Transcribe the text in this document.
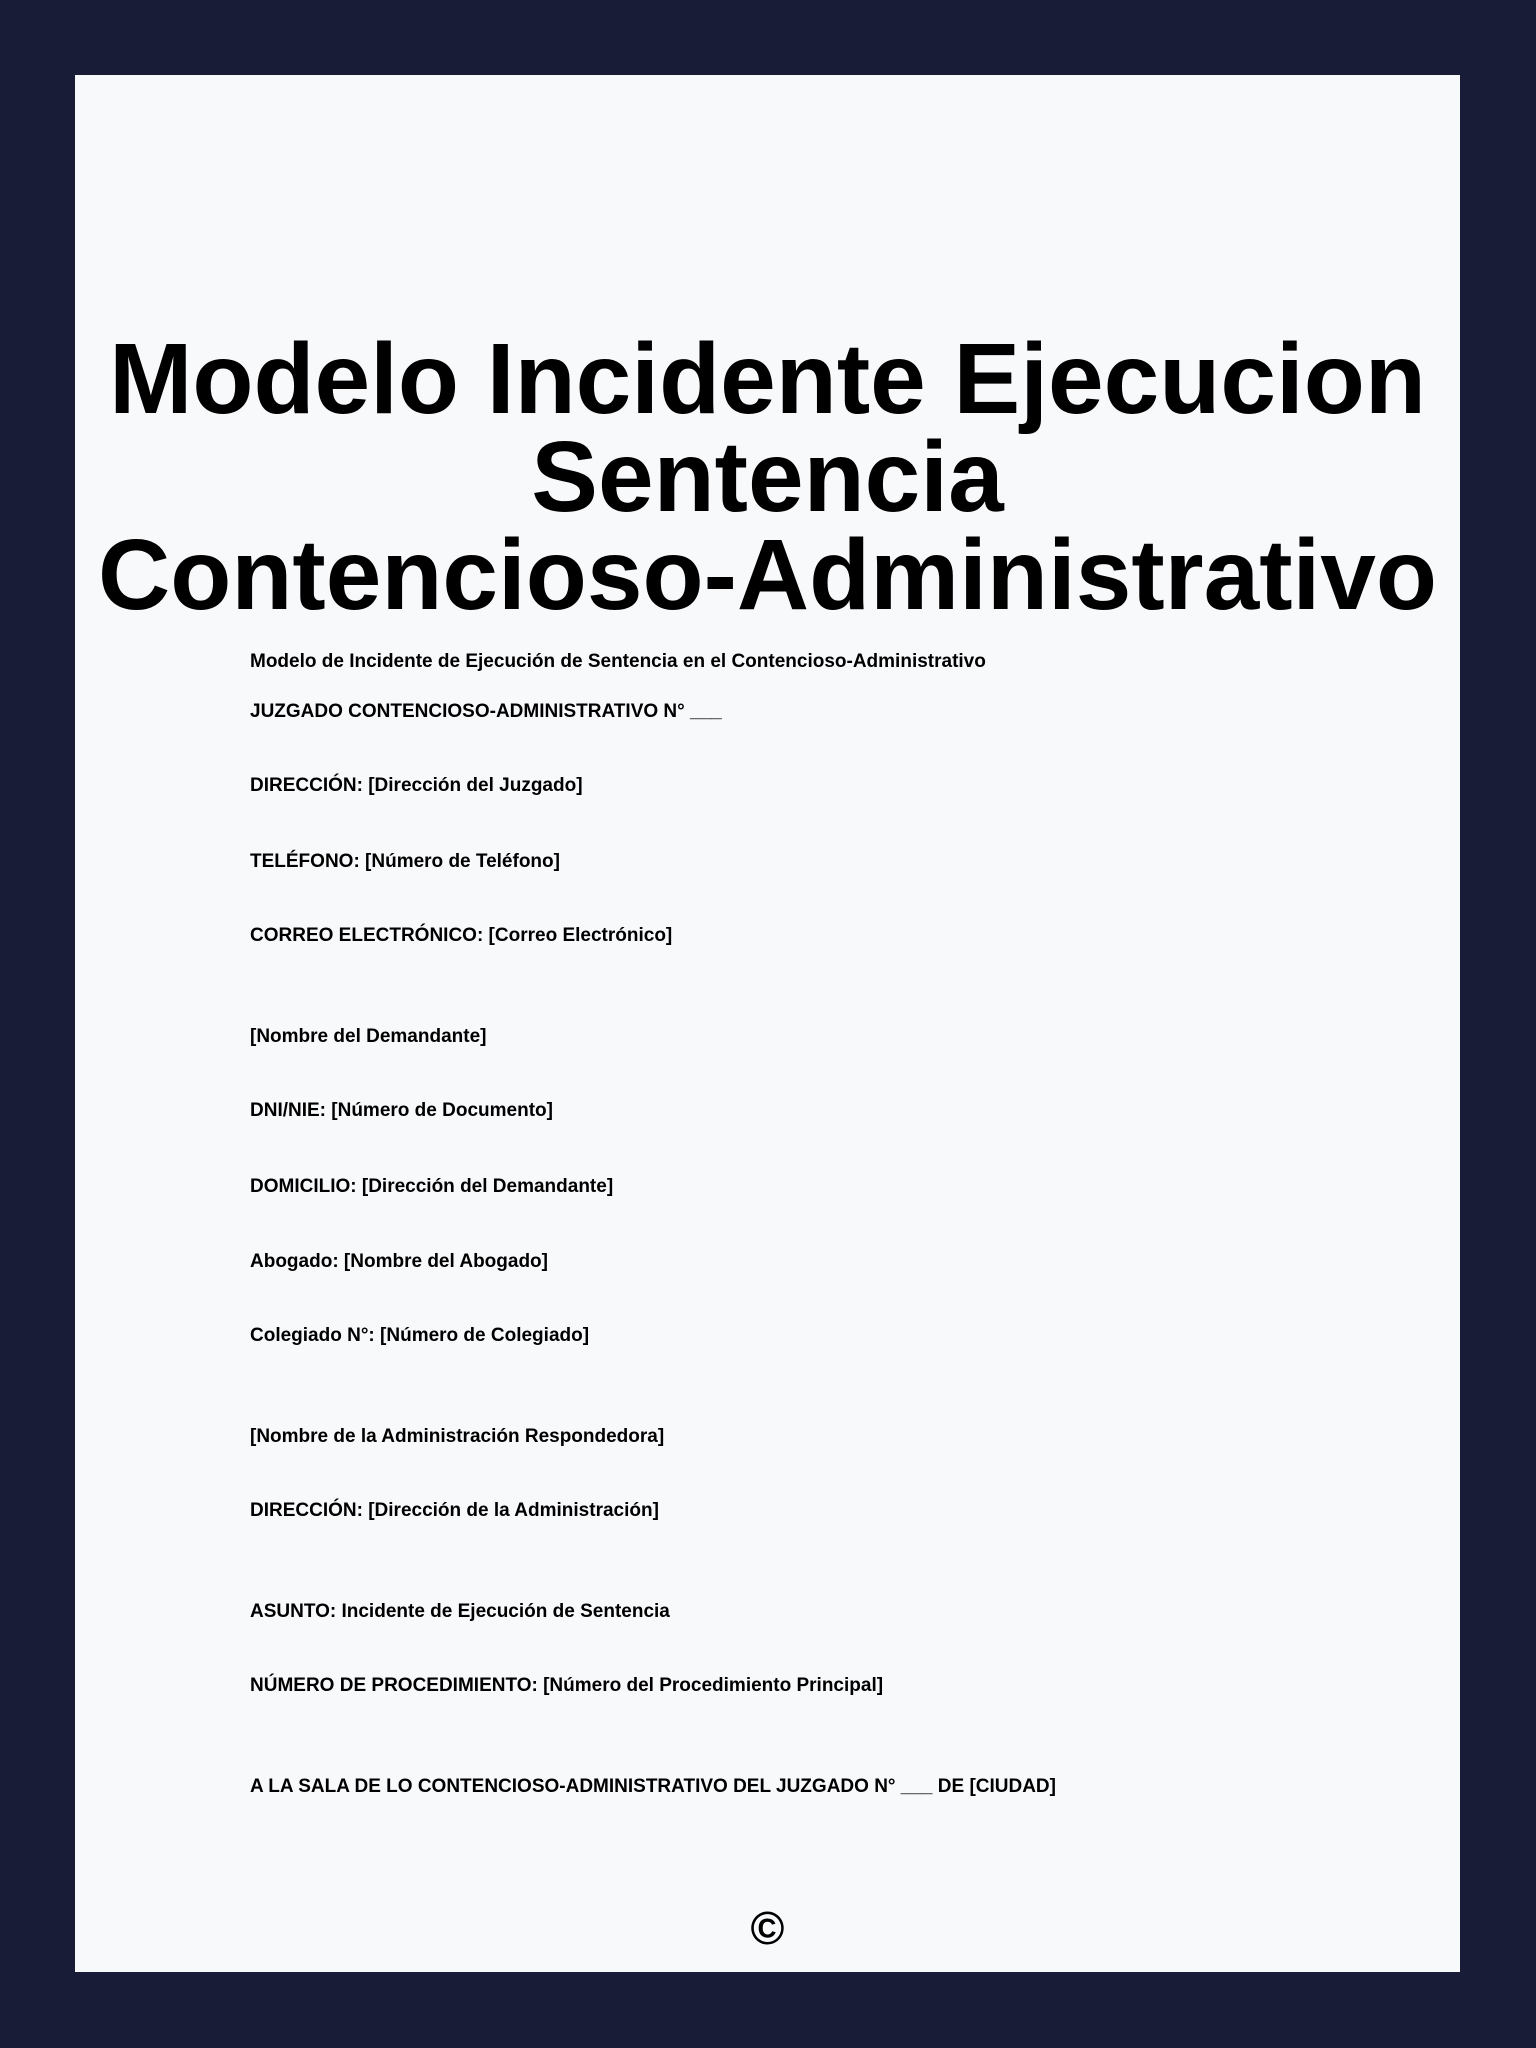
Modelo Incidente Ejecucion
Sentencia
Contencioso-Administrativo

Modelo de Incidente de Ejecución de Sentencia en el Contencioso-Administrativo

JUZGADO CONTENCIOSO-ADMINISTRATIVO N° ___

DIRECCIÓN: [Dirección del Juzgado]

TELÉFONO: [Número de Teléfono]

CORREO ELECTRÓNICO: [Correo Electrónico]

[Nombre del Demandante]

DNI/NIE: [Número de Documento]

DOMICILIO: [Dirección del Demandante]

Abogado: [Nombre del Abogado]

Colegiado N°: [Número de Colegiado]

[Nombre de la Administración Respondedora]

DIRECCIÓN: [Dirección de la Administración]

ASUNTO: Incidente de Ejecución de Sentencia

NÚMERO DE PROCEDIMIENTO: [Número del Procedimiento Principal]

A LA SALA DE LO CONTENCIOSO-ADMINISTRATIVO DEL JUZGADO N° ___ DE [CIUDAD]

©
